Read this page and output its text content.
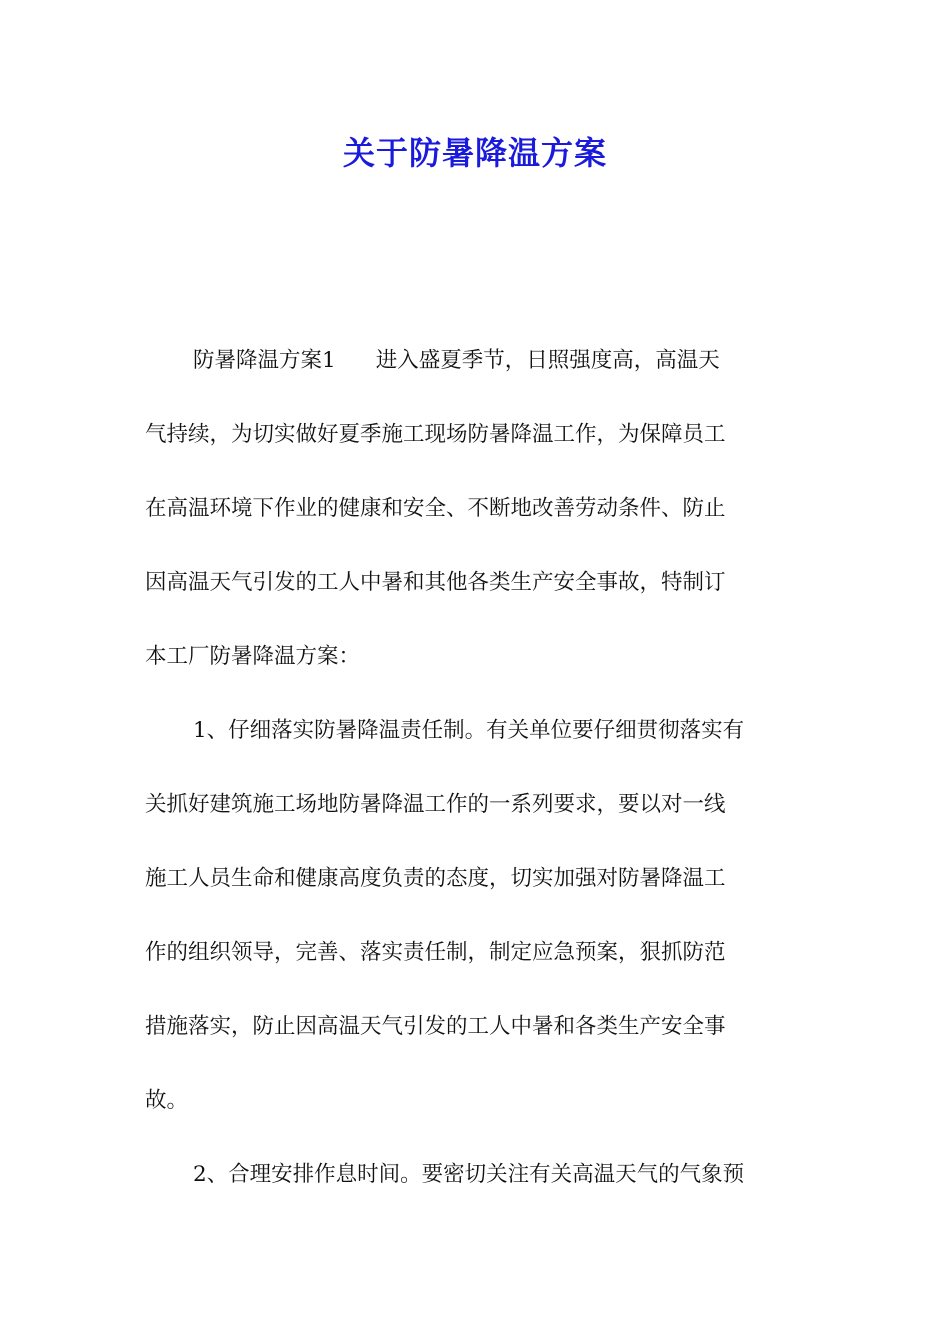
关于防暑降温方案
防暑降温方案1 进入盛夏季节，日照强度高，高温天
气持续，为切实做好夏季施工现场防暑降温工作，为保障员工
在高温环境下作业的健康和安全、不断地改善劳动条件、防止
因高温天气引发的工人中暑和其他各类生产安全事故，特制订
本工厂防暑降温方案：
1、仔细落实防暑降温责任制。有关单位要仔细贯彻落实有
关抓好建筑施工场地防暑降温工作的一系列要求，要以对一线
施工人员生命和健康高度负责的态度，切实加强对防暑降温工
作的组织领导，完善、落实责任制，制定应急预案，狠抓防范
措施落实，防止因高温天气引发的工人中暑和各类生产安全事
故。
2、合理安排作息时间。要密切关注有关高温天气的气象预
